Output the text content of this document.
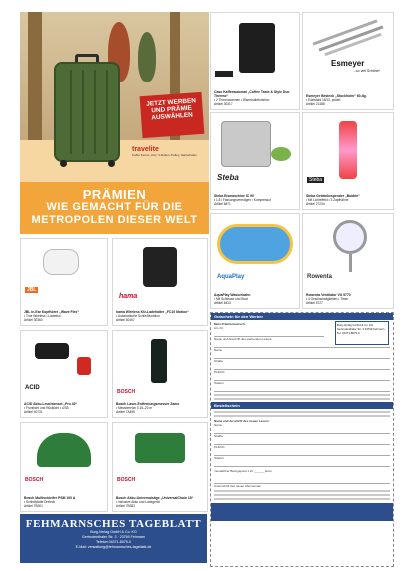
JETZT WERBEN UND PRÄMIE AUSWÄHLEN
travelite
Koffer Ferrus „City“ 4-Rollen-Trolley, Hartschalen
PRÄMIEN
WIE GEMACHT FÜR DIE
METROPOLEN DIESER WELT
Caso Kaffeeautomat „Coffee Taste & Style Duo Thermo“
• 2 Thermokannen • Warmhaltefunktion
Artikel 30317
Esmeyer
...so viel Schöne!
Esmeyer Besteck „Stockholm“ 60-tlg.
• Edelstahl 18/10, poliert
Artikel 21488
Steba
Steba Eismaschine IC 90
• 1,5 l Fassungsvermögen • Kompressor
Artikel 6871
Steba
Steba Getränkespender „Bubble“
• Mit Lichteffekt • 3 Zapfhähne
Artikel 27234
JBL
JBL In-Ear Kopfhörer „Wave Flex“
• True Wireless • Ladeetui
Artikel 30360
hama
hama Wireless Kfz-Ladehalter „FC10 Motion“
• Automatische Schließfunktion
Artikel 40457
AquaPlay
AquaPlay Wasserbahn
• Mit Schleuse und Boot
Artikel 8413
Rowenta
Rowenta Ventilator VU 5770
• 4 Geschwindigkeiten • Timer
Artikel 6727
ACID
ACID Akku-Leuchtenset „Pro 40“
• Frontlicht und Rücklicht • USB
Artikel 40731
BOSCH
Bosch Laser-Entfernungsmesser Zamo
• Messbereich 0,15–20 m
Artikel 7A495
BOSCH
Bosch Multischleifer PSM 100 A
• Schleifplatte Dreieck
Artikel 7B301
BOSCH
Bosch Akku-Universalsäge „UniversalChain 18“
• Inklusive Akku und Ladegerät
Artikel 7B383
FEHMARNSCHES TAGEBLATT
Burg-Verlag GmbH & Co. KG
Gertrudenthaler Str. 3 · 23769 Fehmarn
Telefon 04371-8075-0
E-Mail: verwaltung@fehmarnsches-tageblatt.de
Gutschein für den Werber
Burg-Verlag GmbH & Co. KG Gertrudenthaler Str. 3 23769 Fehmarn Tel. 04371-8075-0
Mein Prämienwunsch:
Art.-Nr.
Name und Anschrift des werbenden Lesers:
Name
Straße
PLZ/Ort
Telefon
Bestellschein
Name und Anschrift des neuen Lesers:
Name
Straße
PLZ/Ort
Telefon
monatlicher Bezugspreis z.Zt. ______ Euro
Unterschrift des neuen Abonnenten
